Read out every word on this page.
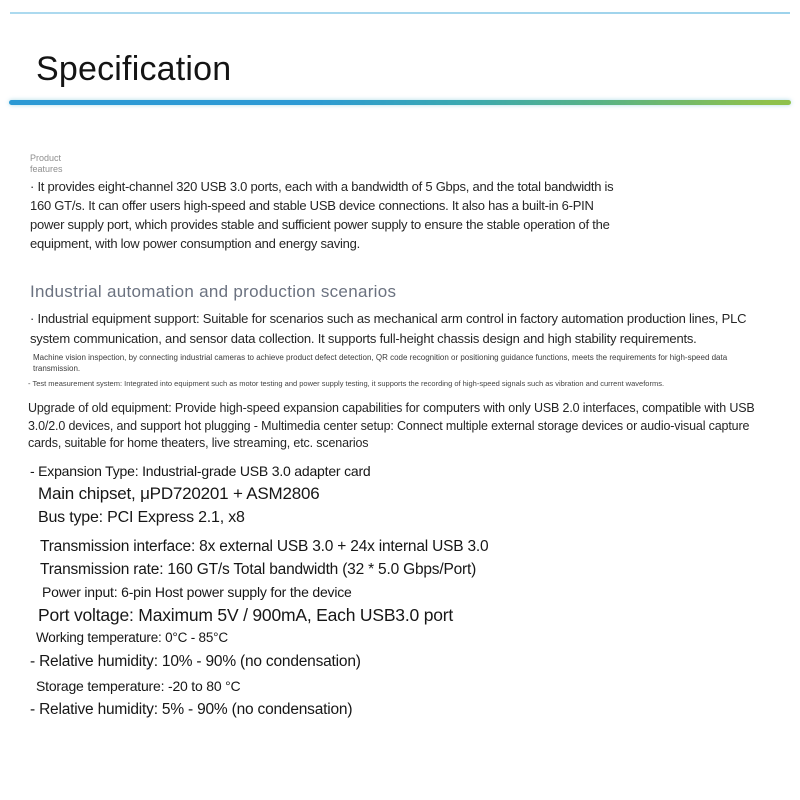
Specification
Product
features

· It provides eight-channel 320 USB 3.0 ports, each with a bandwidth of 5 Gbps, and the total bandwidth is 160 GT/s. It can offer users high-speed and stable USB device connections. It also has a built-in 6-PIN power supply port, which provides stable and sufficient power supply to ensure the stable operation of the equipment, with low power consumption and energy saving.

Industrial automation and production scenarios

· Industrial equipment support: Suitable for scenarios such as mechanical arm control in factory automation production lines, PLC system communication, and sensor data collection. It supports full-height chassis design and high stability requirements.

Machine vision inspection, by connecting industrial cameras to achieve product defect detection, QR code recognition or positioning guidance functions, meets the requirements for high-speed data transmission.

- Test measurement system: Integrated into equipment such as motor testing and power supply testing, it supports the recording of high-speed signals such as vibration and current waveforms.

Upgrade of old equipment: Provide high-speed expansion capabilities for computers with only USB 2.0 interfaces, compatible with USB 3.0/2.0 devices, and support hot plugging - Multimedia center setup: Connect multiple external storage devices or audio-visual capture cards, suitable for home theaters, live streaming, etc. scenarios

- Expansion Type: Industrial-grade USB 3.0 adapter card
Main chipset, μPD720201 + ASM2806
Bus type: PCI Express 2.1, x8
Transmission interface: 8x external USB 3.0 + 24x internal USB 3.0
Transmission rate: 160 GT/s Total bandwidth (32 * 5.0 Gbps/Port)
Power input: 6-pin Host power supply for the device
Port voltage: Maximum 5V / 900mA, Each USB3.0 port
Working temperature: 0°C - 85°C
- Relative humidity: 10% - 90% (no condensation)
Storage temperature: -20 to 80 °C
- Relative humidity: 5% - 90% (no condensation)
